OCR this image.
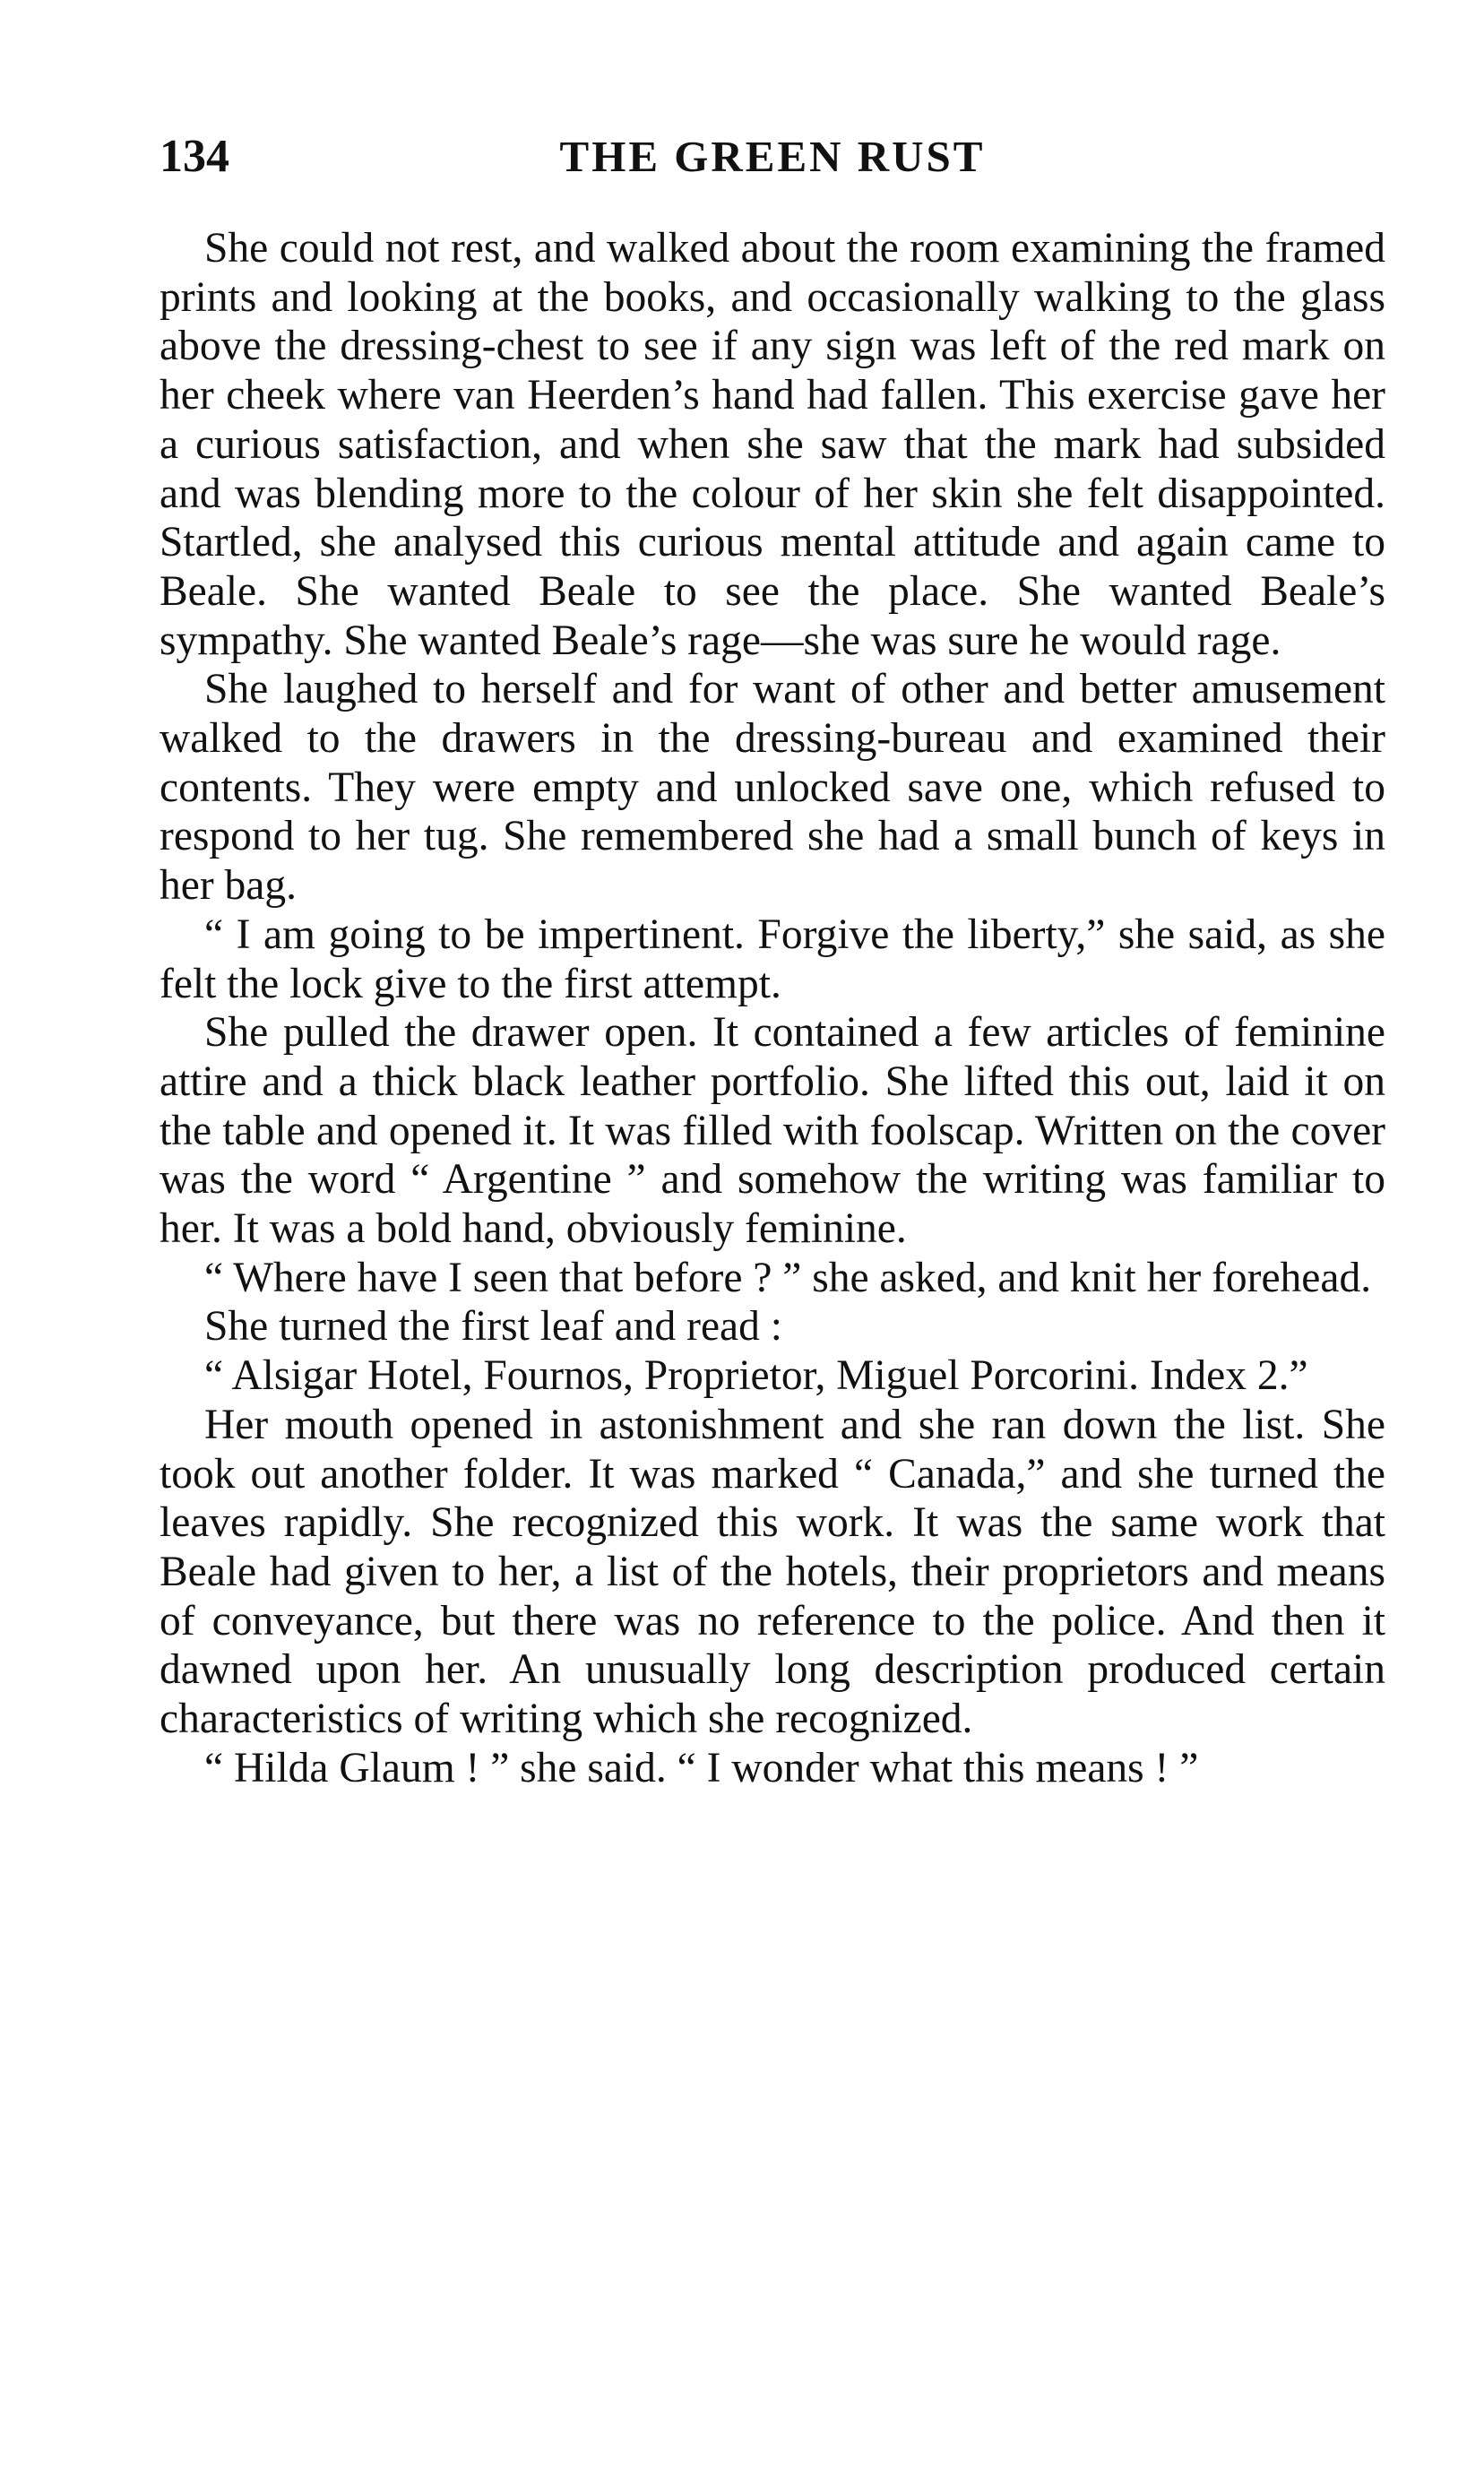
134	THE GREEN RUST

She could not rest, and walked about the room examining the framed prints and looking at the books, and occasionally walking to the glass above the dressing-chest to see if any sign was left of the red mark on her cheek where van Heerden’s hand had fallen. This exercise gave her a curious satisfaction, and when she saw that the mark had subsided and was blending more to the colour of her skin she felt disappointed. Startled, she analysed this curious mental attitude and again came to Beale. She wanted Beale to see the place. She wanted Beale’s sympathy. She wanted Beale’s rage—she was sure he would rage.

She laughed to herself and for want of other and better amusement walked to the drawers in the dressing-bureau and examined their contents. They were empty and unlocked save one, which refused to respond to her tug. She remembered she had a small bunch of keys in her bag.

“ I am going to be impertinent. Forgive the liberty,” she said, as she felt the lock give to the first attempt.

She pulled the drawer open. It contained a few articles of feminine attire and a thick black leather portfolio. She lifted this out, laid it on the table and opened it. It was filled with foolscap. Written on the cover was the word “ Argentine ” and somehow the writing was familiar to her. It was a bold hand, obviously feminine.

“ Where have I seen that before ? ” she asked, and knit her forehead.

She turned the first leaf and read :

“ Alsigar Hotel, Fournos, Proprietor, Miguel Porcorini. Index 2.”

Her mouth opened in astonishment and she ran down the list. She took out another folder. It was marked “ Canada,” and she turned the leaves rapidly. She recognized this work. It was the same work that Beale had given to her, a list of the hotels, their proprietors and means of conveyance, but there was no reference to the police. And then it dawned upon her. An unusually long description produced certain characteristics of writing which she recognized.

“ Hilda Glaum ! ” she said. “ I wonder what this means ! ”
